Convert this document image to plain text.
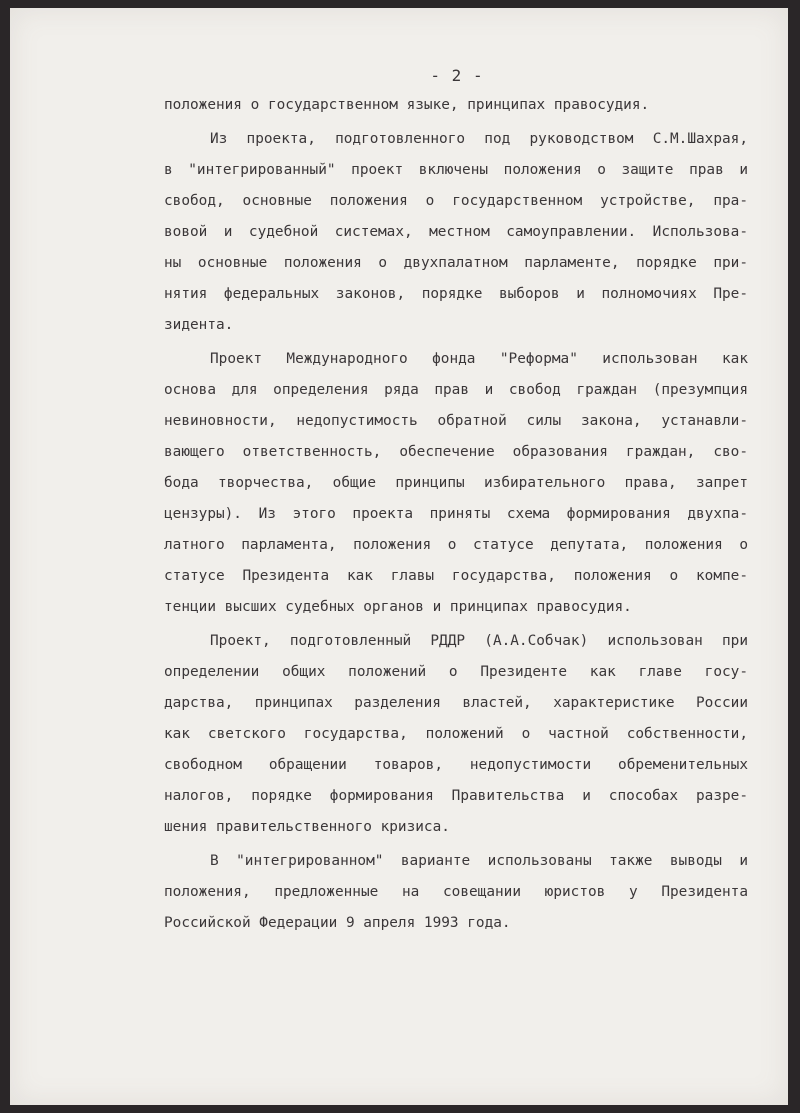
- 2 -
положения о государственном языке, принципах правосудия.
Из проекта, подготовленного под руководством С.М.Шахрая,
в "интегрированный" проект включены положения о защите прав и
свобод, основные положения о государственном устройстве, пра-
вовой и судебной системах, местном самоуправлении. Использова-
ны основные положения о двухпалатном парламенте, порядке при-
нятия федеральных законов, порядке выборов и полномочиях Пре-
зидента.
Проект Международного фонда "Реформа" использован как
основа для определения ряда прав и свобод граждан (презумпция
невиновности, недопустимость обратной силы закона, устанавли-
вающего ответственность, обеспечение образования граждан, сво-
бода творчества, общие принципы избирательного права, запрет
цензуры). Из этого проекта приняты схема формирования двухпа-
латного парламента, положения о статусе депутата, положения о
статусе Президента как главы государства, положения о компе-
тенции высших судебных органов и принципах правосудия.
Проект, подготовленный РДДР (А.А.Собчак) использован при
определении общих положений о Президенте как главе госу-
дарства, принципах разделения властей, характеристике России
как светского государства, положений о частной собственности,
свободном обращении товаров, недопустимости обременительных
налогов, порядке формирования Правительства и способах разре-
шения правительственного кризиса.
В "интегрированном" варианте использованы также выводы и
положения, предложенные на совещании юристов у Президента
Российской Федерации 9 апреля 1993 года.
